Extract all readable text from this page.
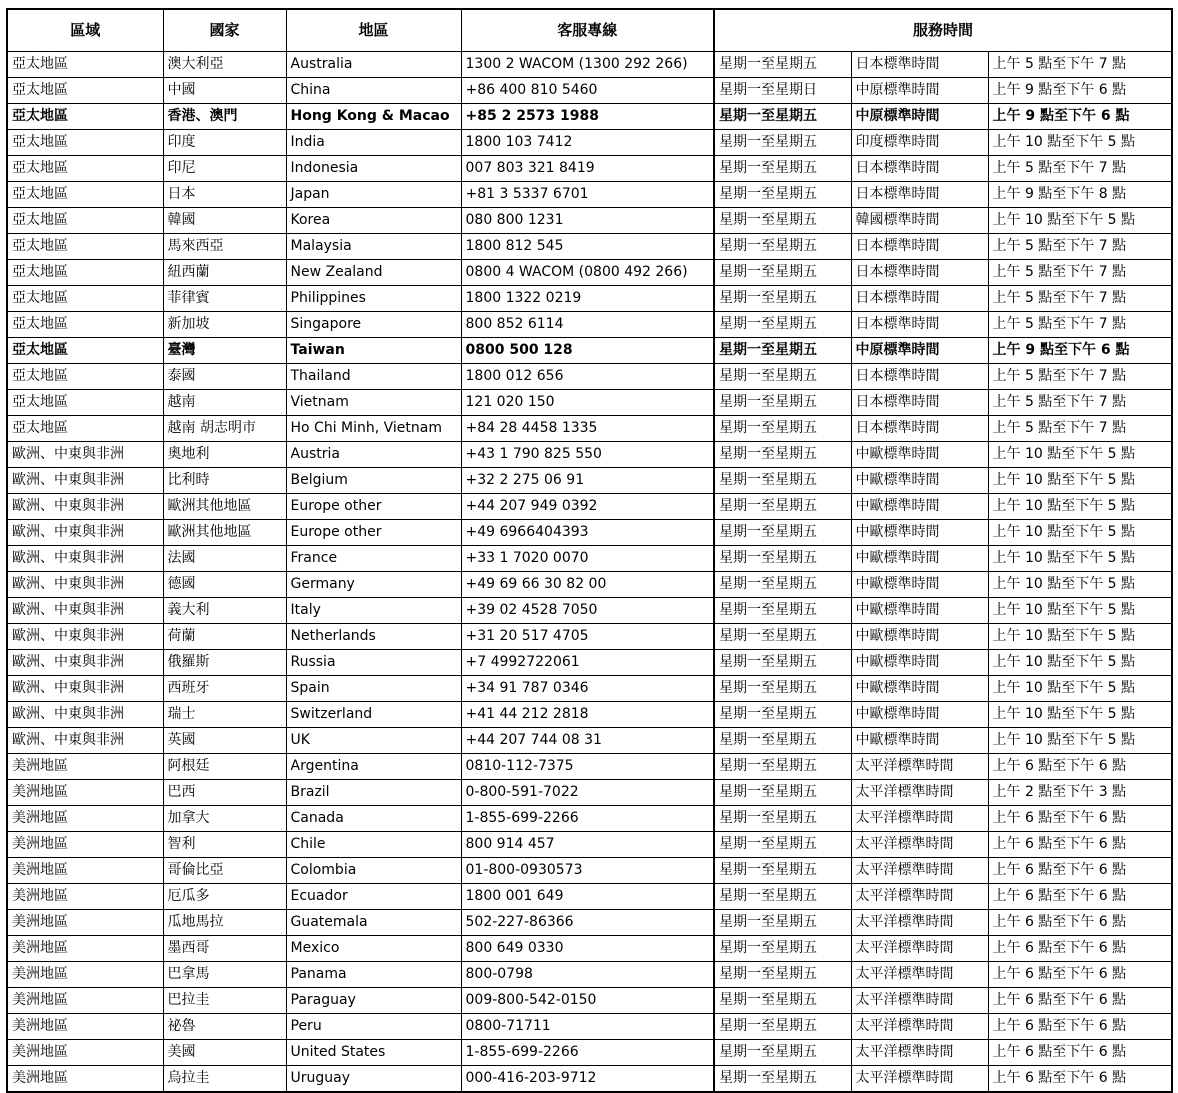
區域	國家	地區	客服專線	服務時間		
亞太地區	澳大利亞	Australia	1300 2 WACOM (1300 292 266)	星期一至星期五	日本標準時間	上午 5 點至下午 7 點
亞太地區	中國	China	+86 400 810 5460	星期一至星期日	中原標準時間	上午 9 點至下午 6 點
亞太地區	香港、澳門	Hong Kong & Macao	+85 2 2573 1988	星期一至星期五	中原標準時間	上午 9 點至下午 6 點
亞太地區	印度	India	1800 103 7412	星期一至星期五	印度標準時間	上午 10 點至下午 5 點
亞太地區	印尼	Indonesia	007 803 321 8419	星期一至星期五	日本標準時間	上午 5 點至下午 7 點
亞太地區	日本	Japan	+81 3 5337 6701	星期一至星期五	日本標準時間	上午 9 點至下午 8 點
亞太地區	韓國	Korea	080 800 1231	星期一至星期五	韓國標準時間	上午 10 點至下午 5 點
亞太地區	馬來西亞	Malaysia	1800 812 545	星期一至星期五	日本標準時間	上午 5 點至下午 7 點
亞太地區	紐西蘭	New Zealand	0800 4 WACOM (0800 492 266)	星期一至星期五	日本標準時間	上午 5 點至下午 7 點
亞太地區	菲律賓	Philippines	1800 1322 0219	星期一至星期五	日本標準時間	上午 5 點至下午 7 點
亞太地區	新加坡	Singapore	800 852 6114	星期一至星期五	日本標準時間	上午 5 點至下午 7 點
亞太地區	臺灣	Taiwan	0800 500 128	星期一至星期五	中原標準時間	上午 9 點至下午 6 點
亞太地區	泰國	Thailand	1800 012 656	星期一至星期五	日本標準時間	上午 5 點至下午 7 點
亞太地區	越南	Vietnam	121 020 150	星期一至星期五	日本標準時間	上午 5 點至下午 7 點
亞太地區	越南 胡志明市	Ho Chi Minh, Vietnam	+84 28 4458 1335	星期一至星期五	日本標準時間	上午 5 點至下午 7 點
歐洲、中東與非洲	奧地利	Austria	+43 1 790 825 550	星期一至星期五	中歐標準時間	上午 10 點至下午 5 點
歐洲、中東與非洲	比利時	Belgium	+32 2 275 06 91	星期一至星期五	中歐標準時間	上午 10 點至下午 5 點
歐洲、中東與非洲	歐洲其他地區	Europe other	+44 207 949 0392	星期一至星期五	中歐標準時間	上午 10 點至下午 5 點
歐洲、中東與非洲	歐洲其他地區	Europe other	+49 6966404393	星期一至星期五	中歐標準時間	上午 10 點至下午 5 點
歐洲、中東與非洲	法國	France	+33 1 7020 0070	星期一至星期五	中歐標準時間	上午 10 點至下午 5 點
歐洲、中東與非洲	德國	Germany	+49 69 66 30 82 00	星期一至星期五	中歐標準時間	上午 10 點至下午 5 點
歐洲、中東與非洲	義大利	Italy	+39 02 4528 7050	星期一至星期五	中歐標準時間	上午 10 點至下午 5 點
歐洲、中東與非洲	荷蘭	Netherlands	+31 20 517 4705	星期一至星期五	中歐標準時間	上午 10 點至下午 5 點
歐洲、中東與非洲	俄羅斯	Russia	+7 4992722061	星期一至星期五	中歐標準時間	上午 10 點至下午 5 點
歐洲、中東與非洲	西班牙	Spain	+34 91 787 0346	星期一至星期五	中歐標準時間	上午 10 點至下午 5 點
歐洲、中東與非洲	瑞士	Switzerland	+41 44 212 2818	星期一至星期五	中歐標準時間	上午 10 點至下午 5 點
歐洲、中東與非洲	英國	UK	+44 207 744 08 31	星期一至星期五	中歐標準時間	上午 10 點至下午 5 點
美洲地區	阿根廷	Argentina	0810-112-7375	星期一至星期五	太平洋標準時間	上午 6 點至下午 6 點
美洲地區	巴西	Brazil	0-800-591-7022	星期一至星期五	太平洋標準時間	上午 2 點至下午 3 點
美洲地區	加拿大	Canada	1-855-699-2266	星期一至星期五	太平洋標準時間	上午 6 點至下午 6 點
美洲地區	智利	Chile	800 914 457	星期一至星期五	太平洋標準時間	上午 6 點至下午 6 點
美洲地區	哥倫比亞	Colombia	01-800-0930573	星期一至星期五	太平洋標準時間	上午 6 點至下午 6 點
美洲地區	厄瓜多	Ecuador	1800 001 649	星期一至星期五	太平洋標準時間	上午 6 點至下午 6 點
美洲地區	瓜地馬拉	Guatemala	502-227-86366	星期一至星期五	太平洋標準時間	上午 6 點至下午 6 點
美洲地區	墨西哥	Mexico	800 649 0330	星期一至星期五	太平洋標準時間	上午 6 點至下午 6 點
美洲地區	巴拿馬	Panama	800-0798	星期一至星期五	太平洋標準時間	上午 6 點至下午 6 點
美洲地區	巴拉圭	Paraguay	009-800-542-0150	星期一至星期五	太平洋標準時間	上午 6 點至下午 6 點
美洲地區	祕魯	Peru	0800-71711	星期一至星期五	太平洋標準時間	上午 6 點至下午 6 點
美洲地區	美國	United States	1-855-699-2266	星期一至星期五	太平洋標準時間	上午 6 點至下午 6 點
美洲地區	烏拉圭	Uruguay	000-416-203-9712	星期一至星期五	太平洋標準時間	上午 6 點至下午 6 點
